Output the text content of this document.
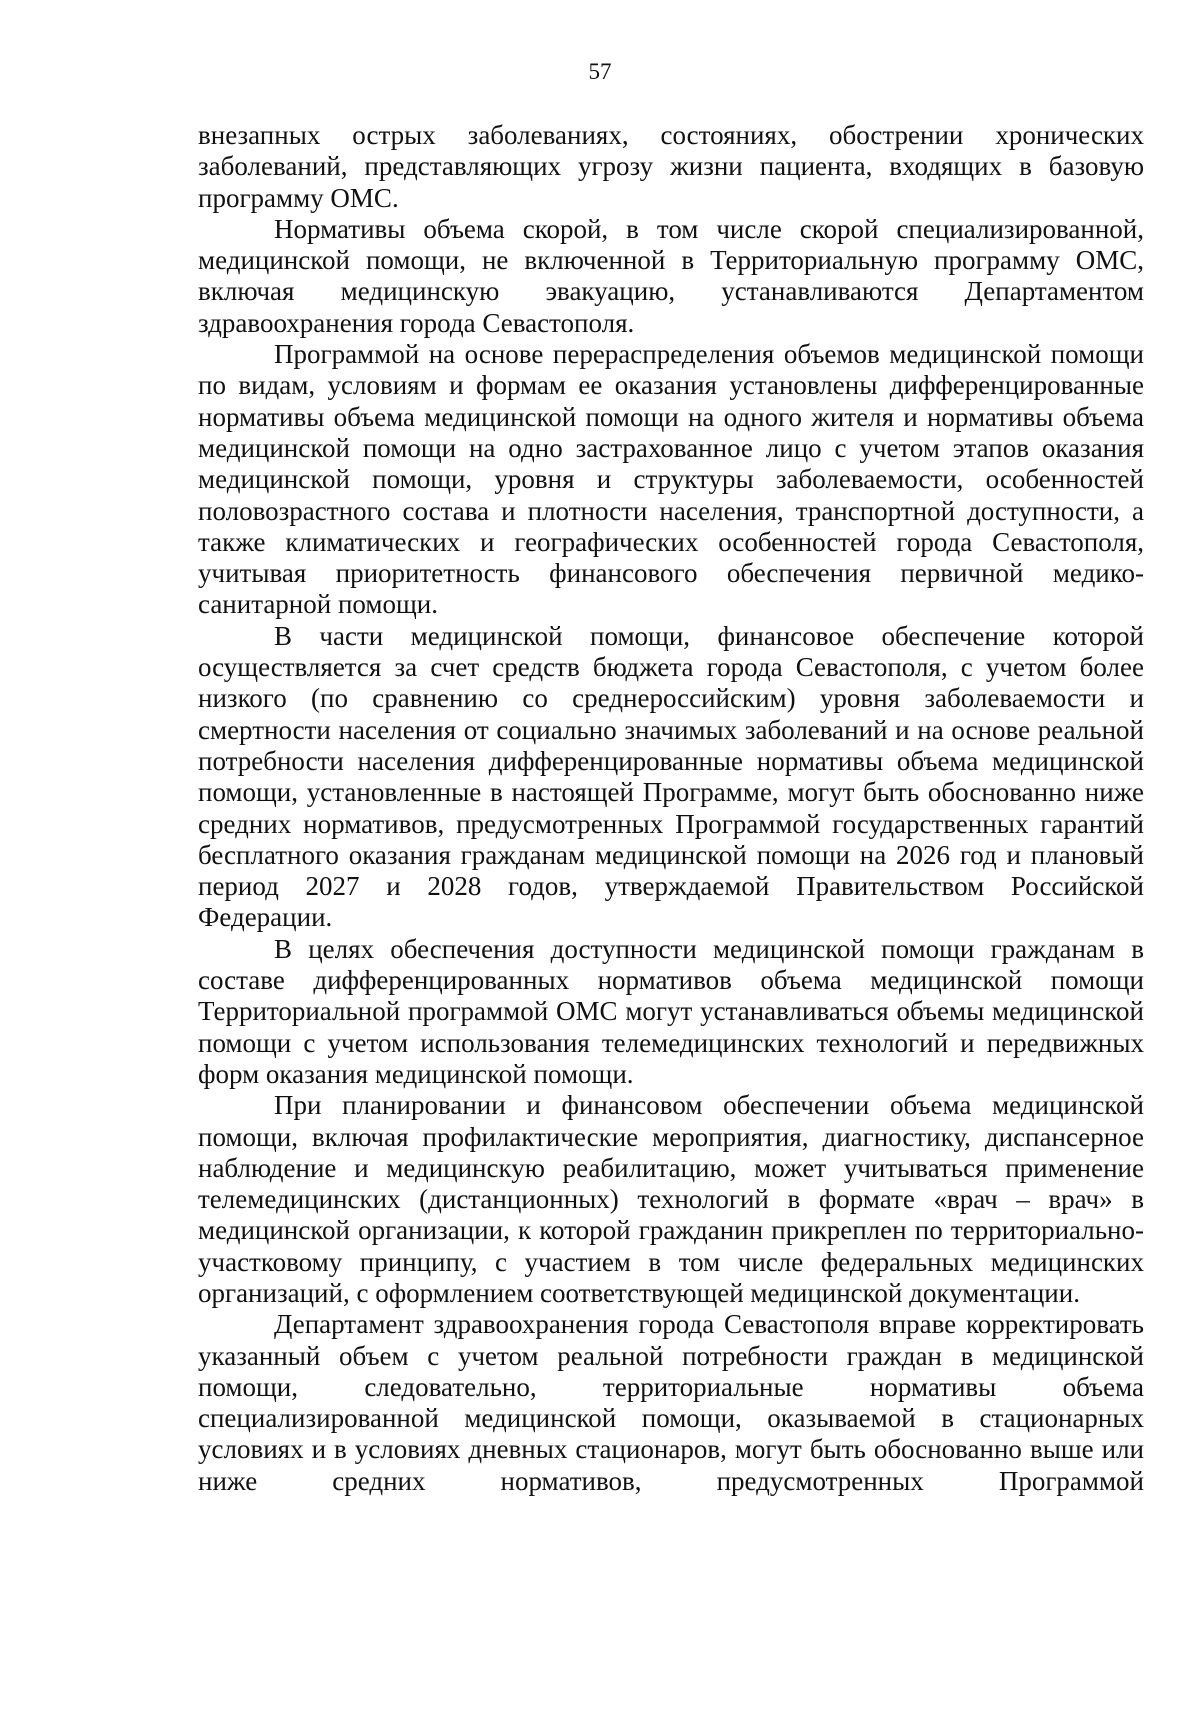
57

внезапных острых заболеваниях, состояниях, обострении хронических заболеваний, представляющих угрозу жизни пациента, входящих в базовую программу ОМС.

Нормативы объема скорой, в том числе скорой специализированной, медицинской помощи, не включенной в Территориальную программу ОМС, включая медицинскую эвакуацию, устанавливаются Департаментом здравоохранения города Севастополя.

Программой на основе перераспределения объемов медицинской помощи по видам, условиям и формам ее оказания установлены дифференцированные нормативы объема медицинской помощи на одного жителя и нормативы объема медицинской помощи на одно застрахованное лицо с учетом этапов оказания медицинской помощи, уровня и структуры заболеваемости, особенностей половозрастного состава и плотности населения, транспортной доступности, а также климатических и географических особенностей города Севастополя, учитывая приоритетность финансового обеспечения первичной медико-санитарной помощи.

В части медицинской помощи, финансовое обеспечение которой осуществляется за счет средств бюджета города Севастополя, с учетом более низкого (по сравнению со среднероссийским) уровня заболеваемости и смертности населения от социально значимых заболеваний и на основе реальной потребности населения дифференцированные нормативы объема медицинской помощи, установленные в настоящей Программе, могут быть обоснованно ниже средних нормативов, предусмотренных Программой государственных гарантий бесплатного оказания гражданам медицинской помощи на 2026 год и плановый период 2027 и 2028 годов, утверждаемой Правительством Российской Федерации.

В целях обеспечения доступности медицинской помощи гражданам в составе дифференцированных нормативов объема медицинской помощи Территориальной программой ОМС могут устанавливаться объемы медицинской помощи с учетом использования телемедицинских технологий и передвижных форм оказания медицинской помощи.

При планировании и финансовом обеспечении объема медицинской помощи, включая профилактические мероприятия, диагностику, диспансерное наблюдение и медицинскую реабилитацию, может учитываться применение телемедицинских (дистанционных) технологий в формате «врач – врач» в медицинской организации, к которой гражданин прикреплен по территориально-участковому принципу, с участием в том числе федеральных медицинских организаций, с оформлением соответствующей медицинской документации.

Департамент здравоохранения города Севастополя вправе корректировать указанный объем с учетом реальной потребности граждан в медицинской помощи, следовательно, территориальные нормативы объема специализированной медицинской помощи, оказываемой в стационарных условиях и в условиях дневных стационаров, могут быть обоснованно выше или ниже средних нормативов, предусмотренных Программой
